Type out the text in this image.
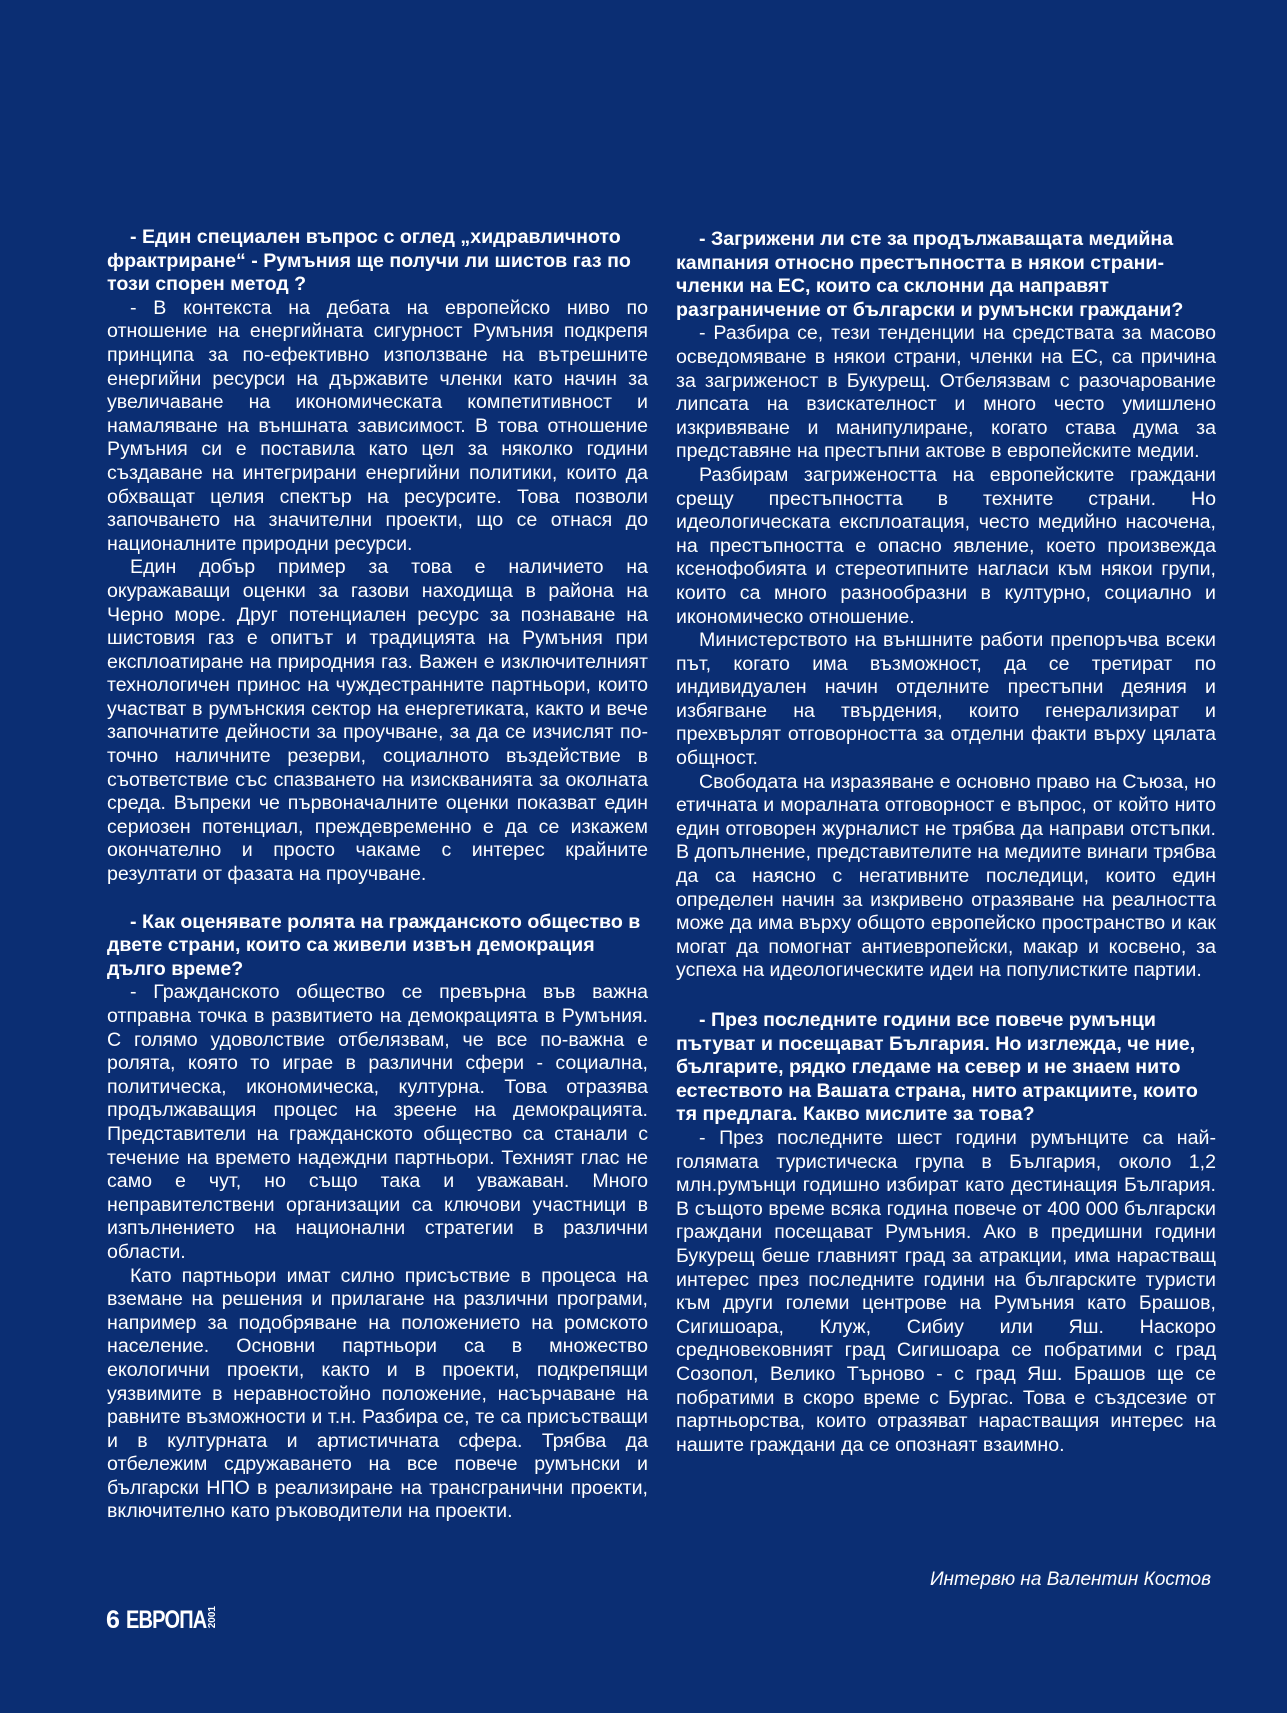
- Един специален въпрос с оглед „хидравличното фрактриране“ - Румъния ще получи ли шистов газ по този спорен метод ?

- В контекста на дебата на европейско ниво по отношение на енергийната сигурност Румъния подкрепя принципа за по-ефективно използване на вътрешните енергийни ресурси на държавите членки като начин за увеличаване на икономическата компетитивност и намаляване на външната зависимост. В това отношение Румъния си е поставила като цел за няколко години създаване на интегрирани енергийни политики, които да обхващат целия спектър на ресурсите. Това позволи започването на значителни проекти, що се отнася до националните природни ресурси.

Един добър пример за това е наличието на окуражаващи оценки за газови находища в района на Черно море. Друг потенциален ресурс за познаване на шистовия газ е опитът и традицията на Румъния при експлоатиране на природния газ. Важен е изключителният технологичен принос на чуждестранните партньори, които участват в румънския сектор на енергетиката, както и вече започнатите дейности за проучване, за да се изчислят по-точно наличните резерви, социалното въздействие в съответствие със спазването на изискванията за околната среда. Въпреки че първоначалните оценки показват един сериозен потенциал, преждевременно е да се изкажем окончателно и просто чакаме с интерес крайните резултати от фазата на проучване.

- Как оценявате ролята на гражданското общество в двете страни, които са живели извън демокрация дълго време?

- Гражданското общество се превърна във важна отправна точка в развитието на демокрацията в Румъния. С голямо удоволствие отбелязвам, че все по-важна е ролята, която то играе в различни сфери - социална, политическа, икономическа, културна. Това отразява продължаващия процес на зреене на демокрацията. Представители на гражданското общество са станали с течение на времето надеждни партньори. Техният глас не само е чут, но също така и уважаван. Много неправителствени организации са ключови участници в изпълнението на национални стратегии в различни области.

Като партньори имат силно присъствие в процеса на вземане на решения и прилагане на различни програми, например за подобряване на положението на ромското население. Основни партньори са в множество екологични проекти, както и в проекти, подкрепящи уязвимите в неравностойно положение, насърчаване на равните възможности и т.н. Разбира се, те са присъстващи и в културната и артистичната сфера. Трябва да отбележим сдружаването на все повече румънски и български НПО в реализиране на трансгранични проекти, включително като ръководители на проекти.

- Загрижени ли сте за продължаващата медийна кампания относно престъпността в някои страни-членки на ЕС, които са склонни да направят разграничение от български и румънски граждани?

- Разбира се, тези тенденции на средствата за масово осведомяване в някои страни, членки на ЕС, са причина за загриженост в Букурещ. Отбелязвам с разочарование липсата на взискателност и много често умишлено изкривяване и манипулиране, когато става дума за представяне на престъпни актове в европейските медии.

Разбирам загрижеността на европейските граждани срещу престъпността в техните страни. Но идеологическата експлоатация, често медийно насочена, на престъпността е опасно явление, което произвежда ксенофобията и стереотипните нагласи към някои групи, които са много разнообразни в културно, социално и икономическо отношение.

Министерството на външните работи препоръчва всеки път, когато има възможност, да се третират по индивидуален начин отделните престъпни деяния и избягване на твърдения, които генерализират и прехвърлят отговорността за отделни факти върху цялата общност.

Свободата на изразяване е основно право на Съюза, но етичната и моралната отговорност е въпрос, от който нито един отговорен журналист не трябва да направи отстъпки. В допълнение, представителите на медиите винаги трябва да са наясно с негативните последици, които един определен начин за изкривено отразяване на реалността може да има върху общото европейско пространство и как могат да помогнат антиевропейски, макар и косвено, за успеха на идеологическите идеи на популистките партии.

- През последните години все повече румънци пътуват и посещават България. Но изглежда, че ние, българите, рядко гледаме на север и не знаем нито естеството на Вашата страна, нито атракциите, които тя предлага. Какво мислите за това?

- През последните шест години румънците са най-голямата туристическа група в България, около 1,2 млн.румънци годишно избират като дестинация България. В същото време всяка година повече от 400 000 български граждани посещават Румъния. Ако в предишни години Букурещ беше главният град за атракции, има нарастващ интерес през последните години на българските туристи към други големи центрове на Румъния като Брашов, Сигишоара, Клуж, Сибиу или Яш. Наскоро средновековният град Сигишоара се побратими с град Созопол, Велико Търново - с град Яш. Брашов ще се побратими в скоро време с Бургас. Това е създсезие от партньорства, които отразяват нарастващия интерес на нашите граждани да се опознаят взаимно.

Интервю на Валентин Костов
6 ЕВРОПА 2001
